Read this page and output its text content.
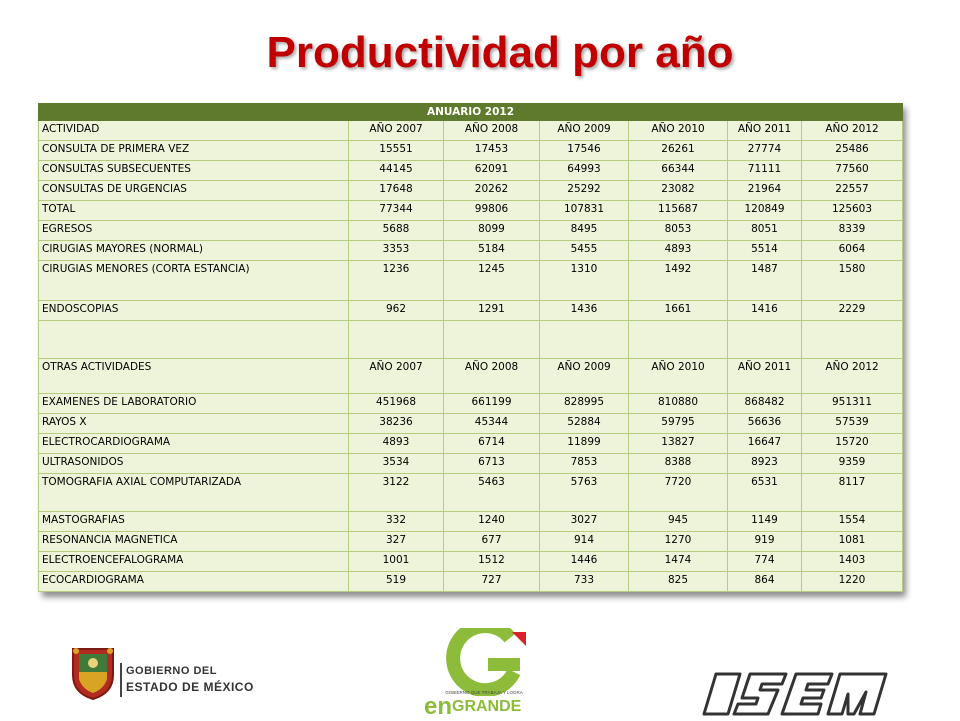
Productividad por año
ANUARIO 2012						
ACTIVIDAD	AÑO 2007	AÑO 2008	AÑO 2009	AÑO 2010	AÑO 2011	AÑO 2012
CONSULTA DE PRIMERA VEZ	15551	17453	17546	26261	27774	25486
CONSULTAS SUBSECUENTES	44145	62091	64993	66344	71111	77560
CONSULTAS DE URGENCIAS	17648	20262	25292	23082	21964	22557
TOTAL	77344	99806	107831	115687	120849	125603
EGRESOS	5688	8099	8495	8053	8051	8339
CIRUGIAS MAYORES (NORMAL)	3353	5184	5455	4893	5514	6064
CIRUGIAS MENORES (CORTA ESTANCIA)	1236	1245	1310	1492	1487	1580
ENDOSCOPIAS	962	1291	1436	1661	1416	2229

OTRAS ACTIVIDADES	AÑO 2007	AÑO 2008	AÑO 2009	AÑO 2010	AÑO 2011	AÑO 2012
EXAMENES DE LABORATORIO	451968	661199	828995	810880	868482	951311
RAYOS X	38236	45344	52884	59795	56636	57539
ELECTROCARDIOGRAMA	4893	6714	11899	13827	16647	15720
ULTRASONIDOS	3534	6713	7853	8388	8923	9359
TOMOGRAFIA AXIAL COMPUTARIZADA	3122	5463	5763	7720	6531	8117
MASTOGRAFIAS	332	1240	3027	945	1149	1554
RESONANCIA MAGNETICA	327	677	914	1270	919	1081
ELECTROENCEFALOGRAMA	1001	1512	1446	1474	774	1403
ECOCARDIOGRAMA	519	727	733	825	864	1220
GOBIERNO DEL
ESTADO DE MÉXICO	GOBIERNO QUE TRABAJA Y LOGRA
en GRANDE
